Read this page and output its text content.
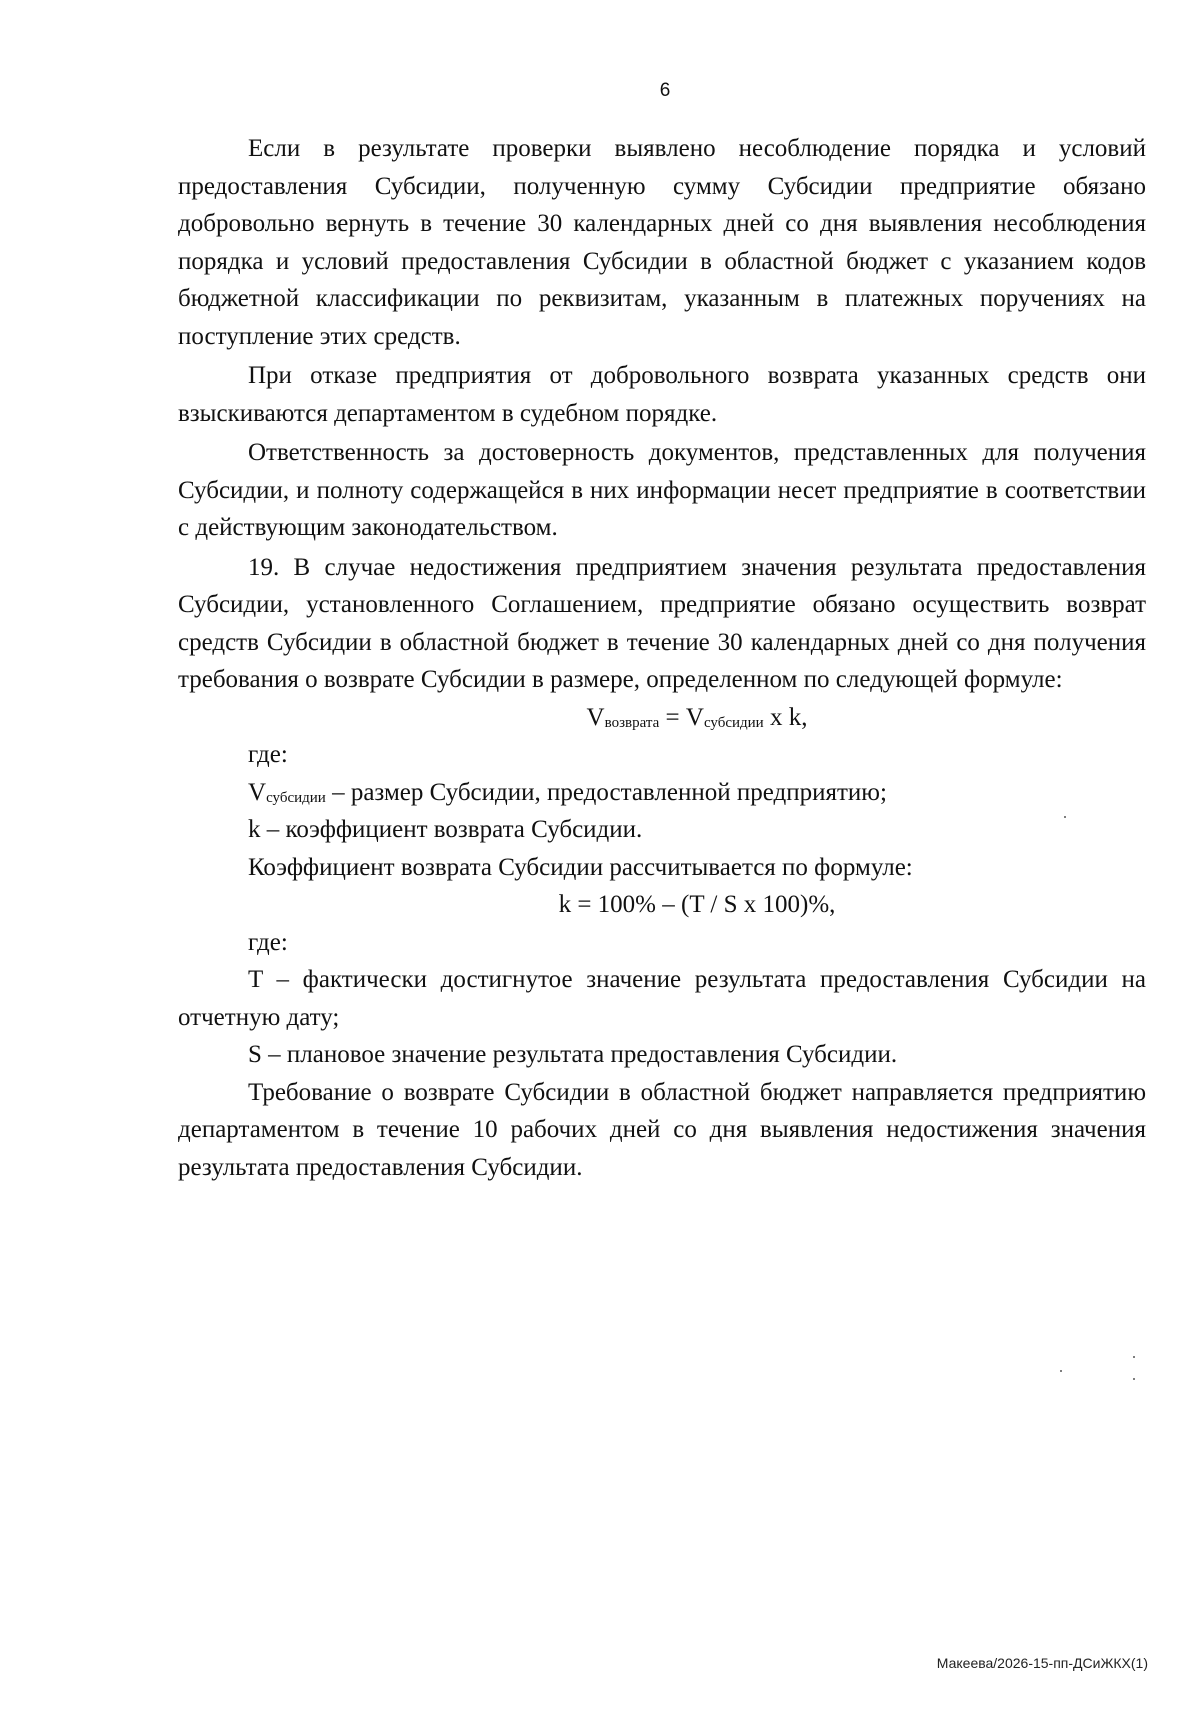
6

Если в результате проверки выявлено несоблюдение порядка и условий предоставления Субсидии, полученную сумму Субсидии предприятие обязано добровольно вернуть в течение 30 календарных дней со дня выявления несоблюдения порядка и условий предоставления Субсидии в областной бюджет с указанием кодов бюджетной классификации по реквизитам, указанным в платежных поручениях на поступление этих средств.

При отказе предприятия от добровольного возврата указанных средств они взыскиваются департаментом в судебном порядке.

Ответственность за достоверность документов, представленных для получения Субсидии, и полноту содержащейся в них информации несет предприятие в соответствии с действующим законодательством.

19. В случае недостижения предприятием значения результата предоставления Субсидии, установленного Соглашением, предприятие обязано осуществить возврат средств Субсидии в областной бюджет в течение 30 календарных дней со дня получения требования о возврате Субсидии в размере, определенном по следующей формуле:

$V_{возврата} = V_{субсидии}$ x k,

где:

$V_{субсидии}$ – размер Субсидии, предоставленной предприятию;

k – коэффициент возврата Субсидии.

Коэффициент возврата Субсидии рассчитывается по формуле:

k = 100% – (T / S x 100)%,

где:

T – фактически достигнутое значение результата предоставления Субсидии на отчетную дату;

S – плановое значение результата предоставления Субсидии.

Требование о возврате Субсидии в областной бюджет направляется предприятию департаментом в течение 10 рабочих дней со дня выявления недостижения значения результата предоставления Субсидии.

Макеева/2026-15-пп-ДСиЖКХ(1)
